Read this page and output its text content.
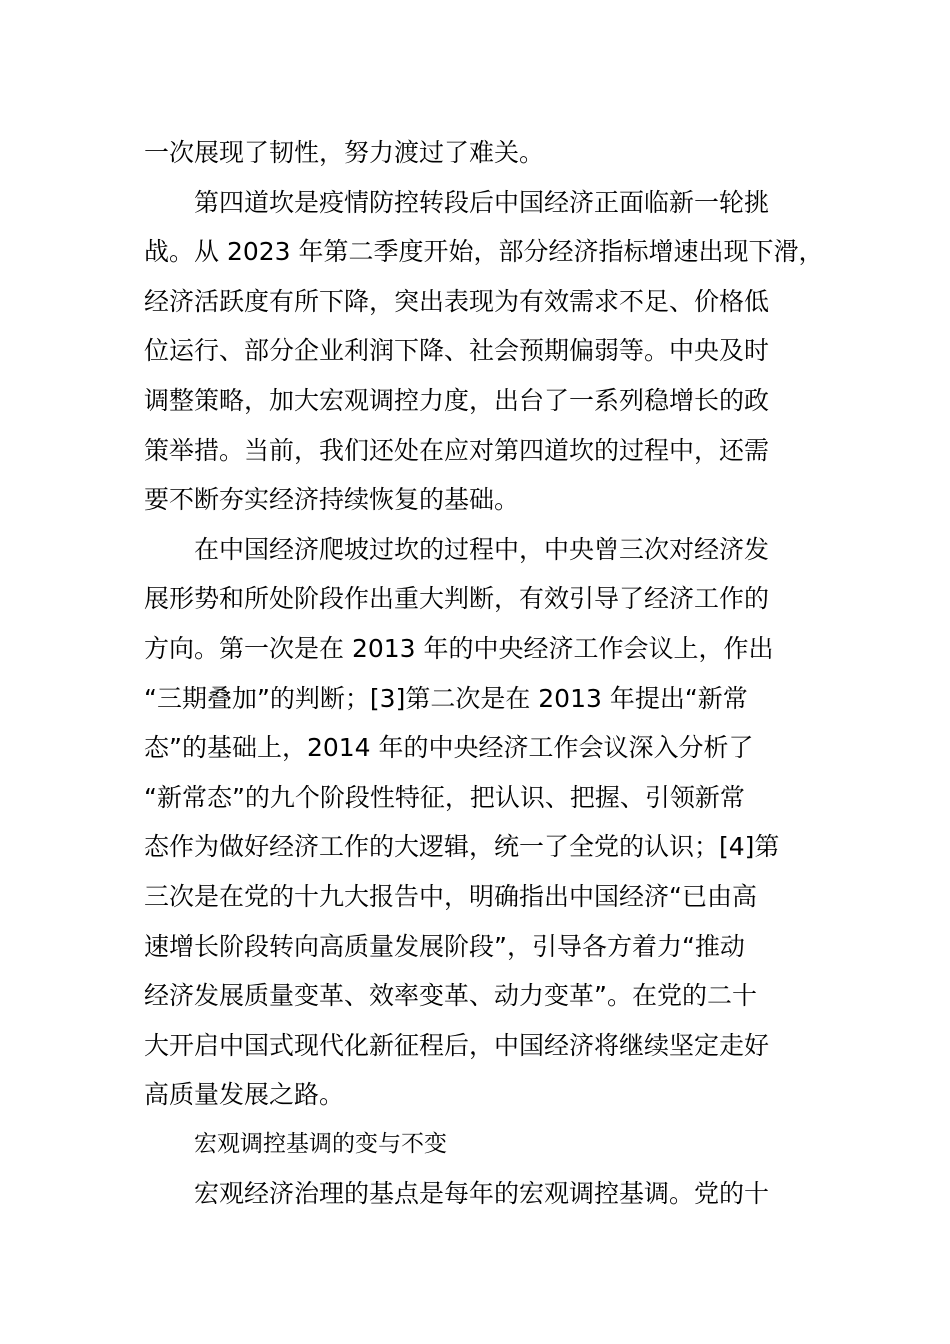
一次展现了韧性，努力渡过了难关。
第四道坎是疫情防控转段后中国经济正面临新一轮挑
战。从 2023 年第二季度开始，部分经济指标增速出现下滑，
经济活跃度有所下降，突出表现为有效需求不足、价格低
位运行、部分企业利润下降、社会预期偏弱等。中央及时
调整策略，加大宏观调控力度，出台了一系列稳增长的政
策举措。当前，我们还处在应对第四道坎的过程中，还需
要不断夯实经济持续恢复的基础。
在中国经济爬坡过坎的过程中，中央曾三次对经济发
展形势和所处阶段作出重大判断，有效引导了经济工作的
方向。第一次是在 2013 年的中央经济工作会议上，作出
“三期叠加”的判断；[3]第二次是在 2013 年提出“新常
态”的基础上，2014 年的中央经济工作会议深入分析了
“新常态”的九个阶段性特征，把认识、把握、引领新常
态作为做好经济工作的大逻辑，统一了全党的认识；[4]第
三次是在党的十九大报告中，明确指出中国经济“已由高
速增长阶段转向高质量发展阶段”，引导各方着力“推动
经济发展质量变革、效率变革、动力变革”。在党的二十
大开启中国式现代化新征程后，中国经济将继续坚定走好
高质量发展之路。
宏观调控基调的变与不变
宏观经济治理的基点是每年的宏观调控基调。党的十
